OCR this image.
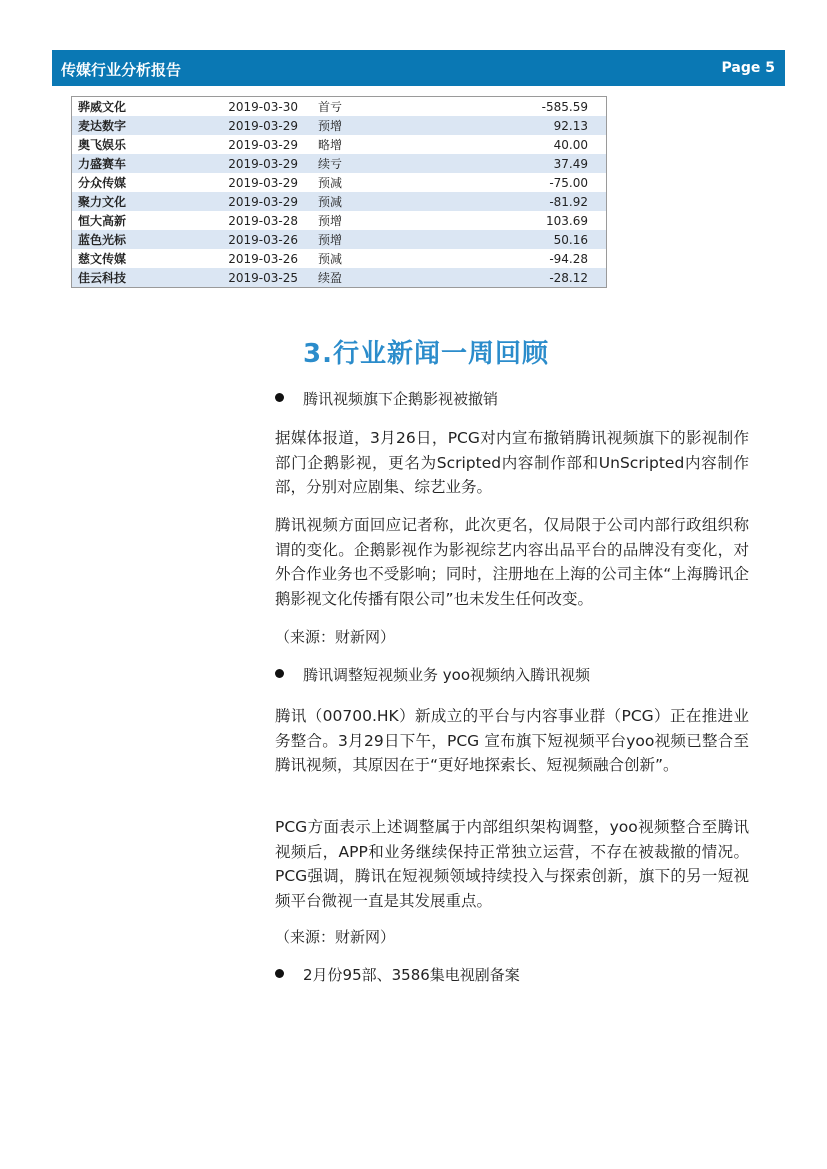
传媒行业分析报告	Page 5
骅威文化	2019-03-30	首亏	-585.59
麦达数字	2019-03-29	预增	92.13
奥飞娱乐	2019-03-29	略增	40.00
力盛赛车	2019-03-29	续亏	37.49
分众传媒	2019-03-29	预减	-75.00
聚力文化	2019-03-29	预减	-81.92
恒大高新	2019-03-28	预增	103.69
蓝色光标	2019-03-26	预增	50.16
慈文传媒	2019-03-26	预减	-94.28
佳云科技	2019-03-25	续盈	-28.12
3.行业新闻一周回顾
腾讯视频旗下企鹅影视被撤销

据媒体报道，3月26日，PCG对内宣布撤销腾讯视频旗下的影视制作部门企鹅影视，更名为Scripted内容制作部和UnScripted内容制作部，分别对应剧集、综艺业务。

腾讯视频方面回应记者称，此次更名，仅局限于公司内部行政组织称谓的变化。企鹅影视作为影视综艺内容出品平台的品牌没有变化，对外合作业务也不受影响；同时，注册地在上海的公司主体“上海腾讯企鹅影视文化传播有限公司”也未发生任何改变。

（来源：财新网）
腾讯调整短视频业务 yoo视频纳入腾讯视频

腾讯（00700.HK）新成立的平台与内容事业群（PCG）正在推进业务整合。3月29日下午，PCG 宣布旗下短视频平台yoo视频已整合至腾讯视频，其原因在于“更好地探索长、短视频融合创新”。

PCG方面表示上述调整属于内部组织架构调整，yoo视频整合至腾讯视频后，APP和业务继续保持正常独立运营，不存在被裁撤的情况。PCG强调，腾讯在短视频领域持续投入与探索创新，旗下的另一短视频平台微视一直是其发展重点。

（来源：财新网）
2月份95部、3586集电视剧备案
